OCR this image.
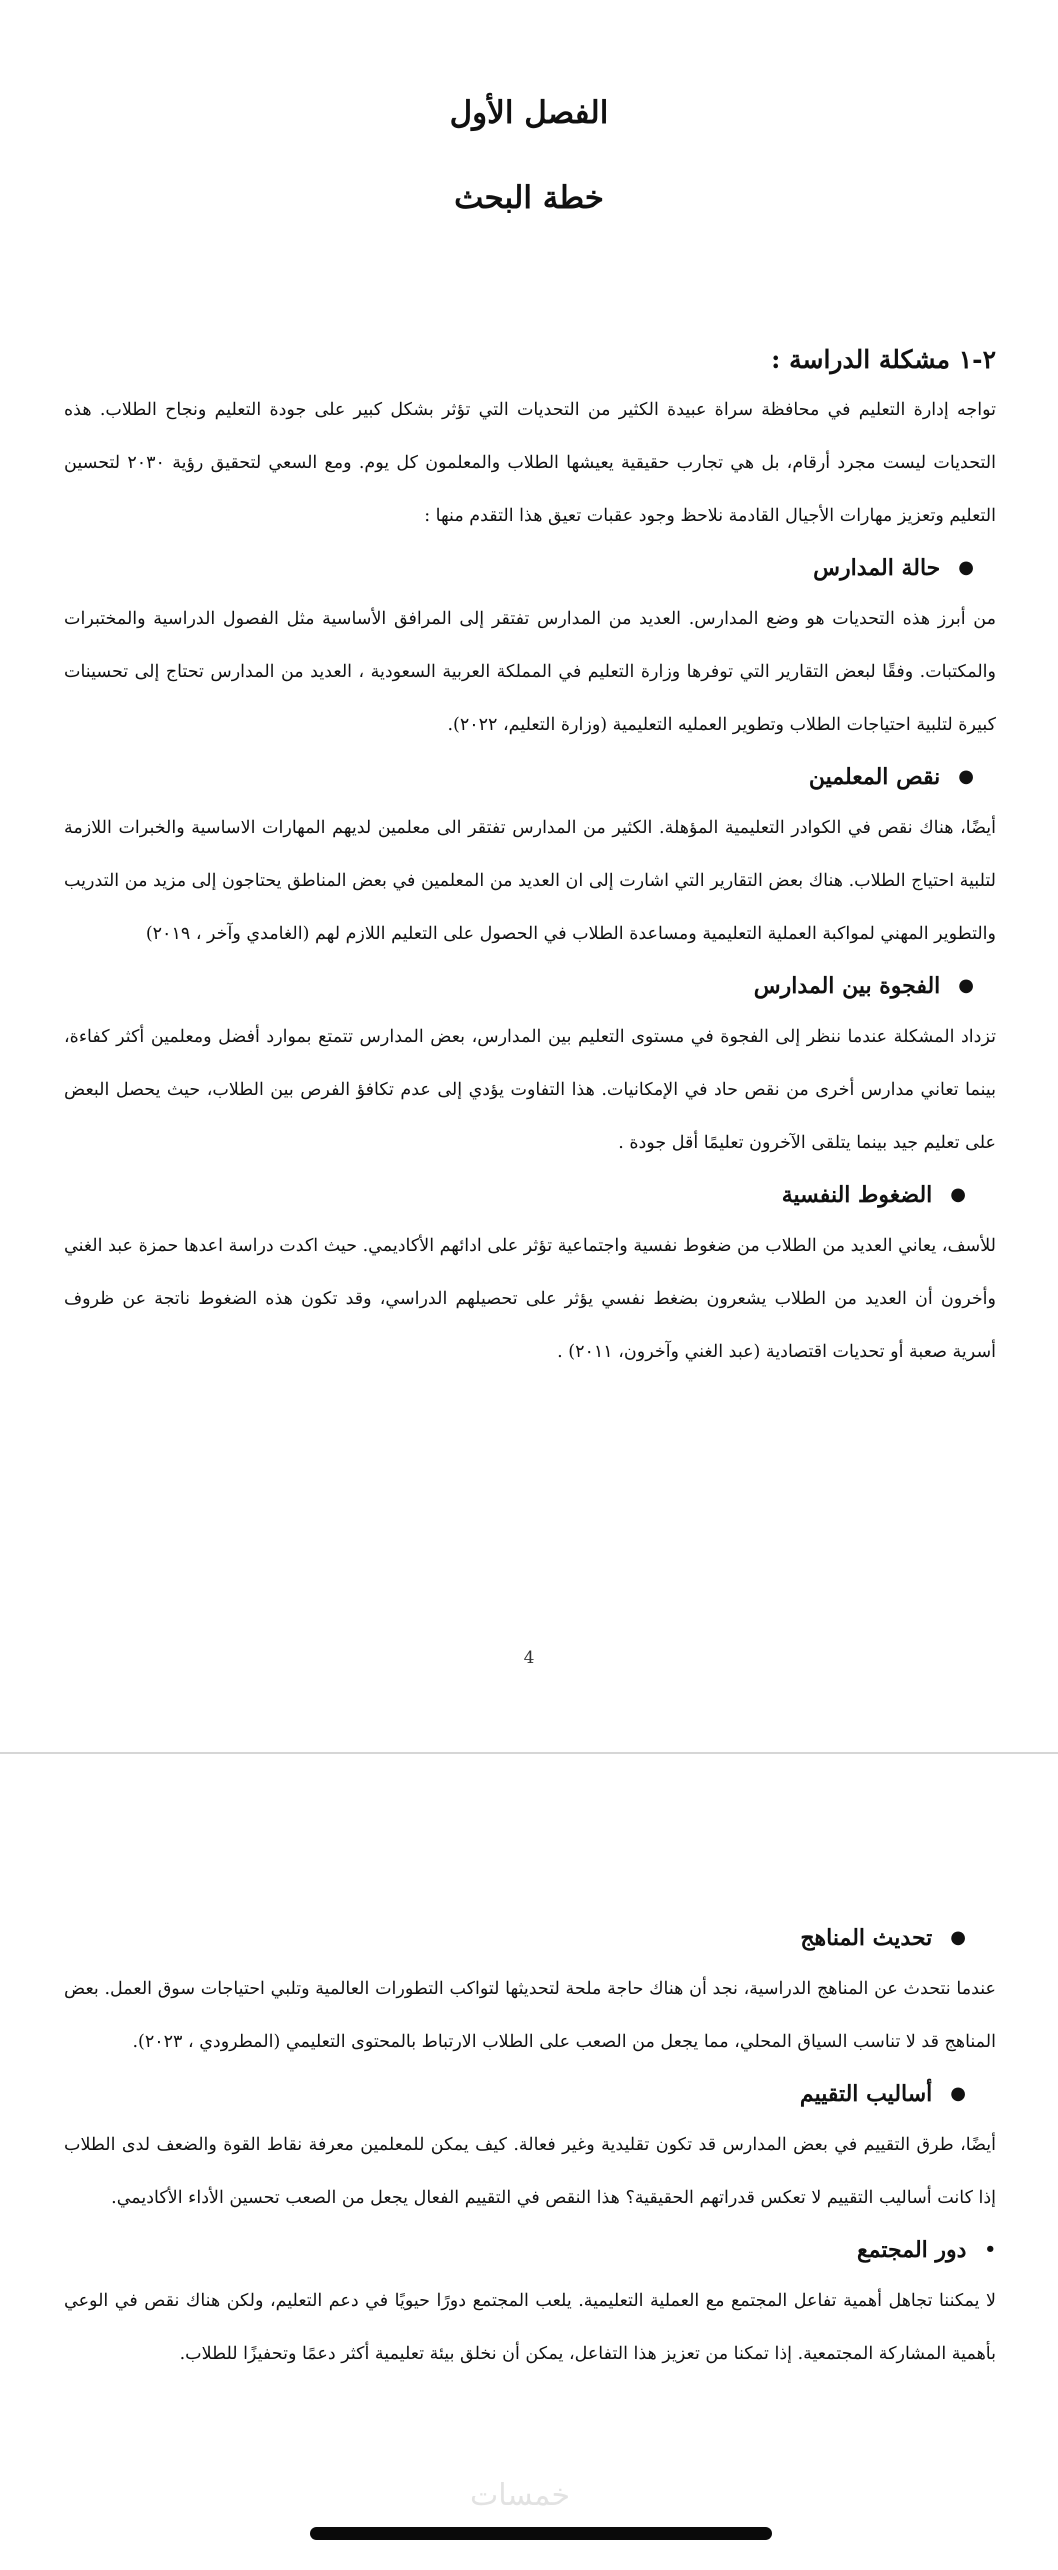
الفصل الأول
خطة البحث
٢-١ مشكلة الدراسة :

تواجه إدارة التعليم في محافظة سراة عبيدة الكثير من التحديات التي تؤثر بشكل كبير على جودة التعليم ونجاح الطلاب. هذه التحديات ليست مجرد أرقام، بل هي تجارب حقيقية يعيشها الطلاب والمعلمون كل يوم. ومع السعي لتحقيق رؤية ٢٠٣٠ لتحسين التعليم وتعزيز مهارات الأجيال القادمة نلاحظ وجود عقبات تعيق هذا التقدم منها :

●
حالة المدارس

من أبرز هذه التحديات هو وضع المدارس. العديد من المدارس تفتقر إلى المرافق الأساسية مثل الفصول الدراسية والمختبرات والمكتبات. وفقًا لبعض التقارير التي توفرها وزارة التعليم في المملكة العربية السعودية ، العديد من المدارس تحتاج إلى تحسينات كبيرة لتلبية احتياجات الطلاب وتطوير العمليه التعليمية (وزارة التعليم، ٢٠٢٢).

●
نقص المعلمين

أيضًا، هناك نقص في الكوادر التعليمية المؤهلة. الكثير من المدارس تفتقر الى معلمين لديهم المهارات الاساسية والخبرات اللازمة لتلبية احتياج الطلاب. هناك بعض التقارير التي اشارت إلى ان العديد من المعلمين في بعض المناطق يحتاجون إلى مزيد من التدريب والتطوير المهني لمواكبة العملية التعليمية ومساعدة الطلاب في الحصول على التعليم اللازم لهم (الغامدي وآخر ، ٢٠١٩)

●
الفجوة بين المدارس

تزداد المشكلة عندما ننظر إلى الفجوة في مستوى التعليم بين المدارس، بعض المدارس تتمتع بموارد أفضل ومعلمين أكثر كفاءة، بينما تعاني مدارس أخرى من نقص حاد في الإمكانيات. هذا التفاوت يؤدي إلى عدم تكافؤ الفرص بين الطلاب، حيث يحصل البعض على تعليم جيد بينما يتلقى الآخرون تعليمًا أقل جودة .

●
الضغوط النفسية

للأسف، يعاني العديد من الطلاب من ضغوط نفسية واجتماعية تؤثر على ادائهم الأكاديمي. حيث اكدت دراسة اعدها حمزة عبد الغني وأخرون أن العديد من الطلاب يشعرون بضغط نفسي يؤثر على تحصيلهم الدراسي، وقد تكون هذه الضغوط ناتجة عن ظروف أسرية صعبة أو تحديات اقتصادية (عبد الغني وآخرون، ٢٠١١) .

4
●
تحديث المناهج

عندما نتحدث عن المناهج الدراسية، نجد أن هناك حاجة ملحة لتحديثها لتواكب التطورات العالمية وتلبي احتياجات سوق العمل. بعض المناهج قد لا تناسب السياق المحلي، مما يجعل من الصعب على الطلاب الارتباط بالمحتوى التعليمي (المطرودي ، ٢٠٢٣).

●
أساليب التقييم

أيضًا، طرق التقييم في بعض المدارس قد تكون تقليدية وغير فعالة. كيف يمكن للمعلمين معرفة نقاط القوة والضعف لدى الطلاب إذا كانت أساليب التقييم لا تعكس قدراتهم الحقيقية؟ هذا النقص في التقييم الفعال يجعل من الصعب تحسين الأداء الأكاديمي.

•
دور المجتمع

لا يمكننا تجاهل أهمية تفاعل المجتمع مع العملية التعليمية. يلعب المجتمع دورًا حيويًا في دعم التعليم، ولكن هناك نقص في الوعي بأهمية المشاركة المجتمعية. إذا تمكنا من تعزيز هذا التفاعل، يمكن أن نخلق بيئة تعليمية أكثر دعمًا وتحفيزًا للطلاب.

خمسات
